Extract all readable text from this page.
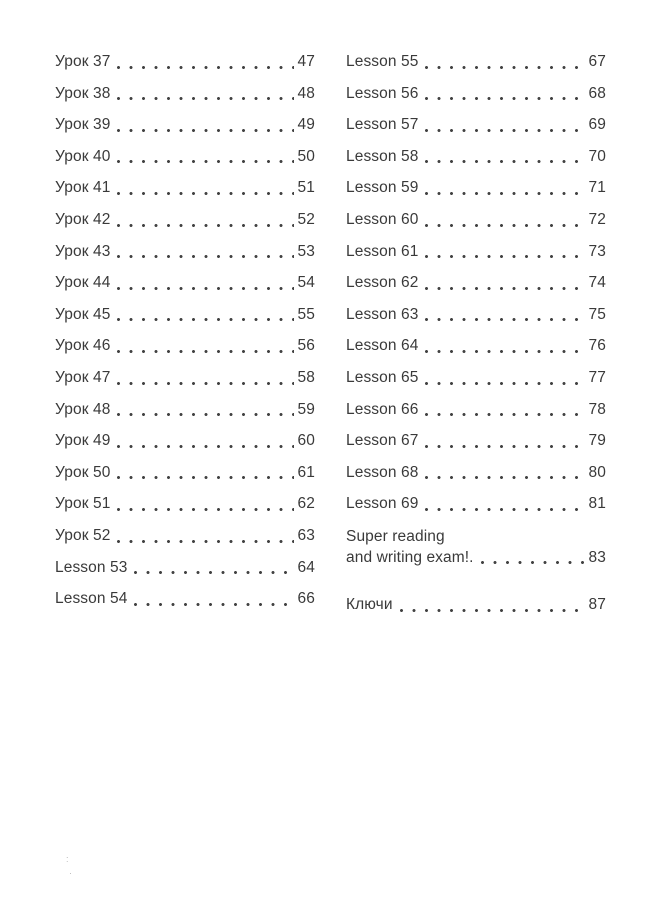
Урок 37	47
Урок 38	48
Урок 39	49
Урок 40	50
Урок 41	51
Урок 42	52
Урок 43	53
Урок 44	54
Урок 45	55
Урок 46	56
Урок 47	58
Урок 48	59
Урок 49	60
Урок 50	61
Урок 51	62
Урок 52	63
Lesson 53	64
Lesson 54	66
Lesson 55	67
Lesson 56	68
Lesson 57	69
Lesson 58	70
Lesson 59	71
Lesson 60	72
Lesson 61	73
Lesson 62	74
Lesson 63	75
Lesson 64	76
Lesson 65	77
Lesson 66	78
Lesson 67	79
Lesson 68	80
Lesson 69	81
Super reading
and writing exam!.	83
Ключи	87
:
·
